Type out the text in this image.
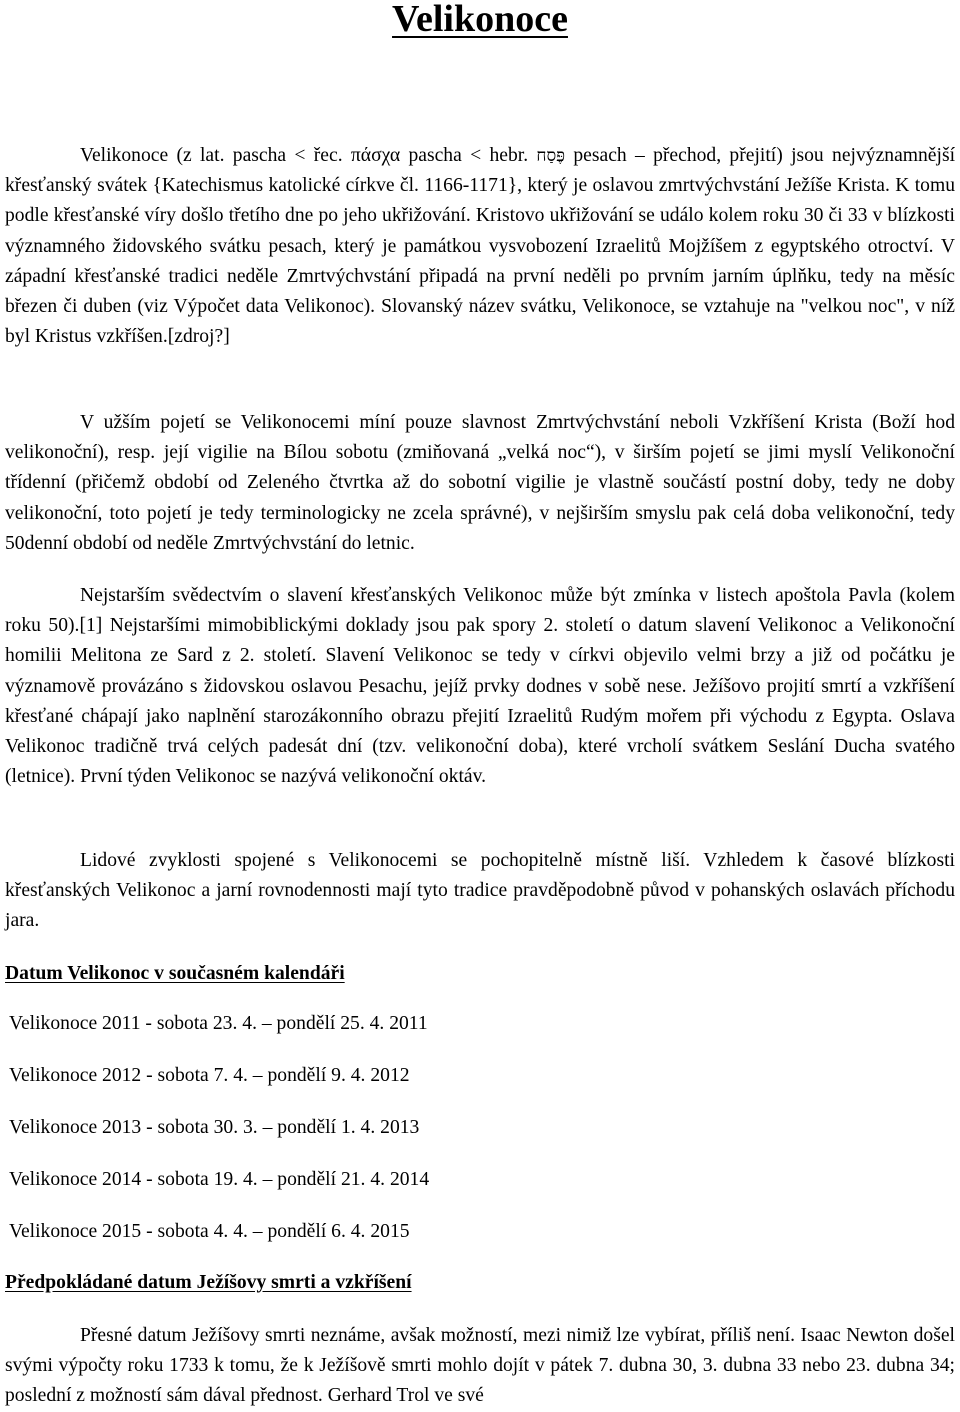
Velikonoce

Velikonoce (z lat. pascha < řec. πάσχα pascha < hebr. פֶּסַח pesach – přechod, přejití) jsou nejvýznamnější křesťanský svátek {Katechismus katolické církve čl. 1166-1171}, který je oslavou zmrtvýchvstání Ježíše Krista. K tomu podle křesťanské víry došlo třetího dne po jeho ukřižování. Kristovo ukřižování se událo kolem roku 30 či 33 v blízkosti významného židovského svátku pesach, který je památkou vysvobození Izraelitů Mojžíšem z egyptského otroctví. V západní křesťanské tradici neděle Zmrtvýchvstání připadá na první neděli po prvním jarním úplňku, tedy na měsíc březen či duben (viz Výpočet data Velikonoc). Slovanský název svátku, Velikonoce, se vztahuje na "velkou noc", v níž byl Kristus vzkříšen.[zdroj?]

V užším pojetí se Velikonocemi míní pouze slavnost Zmrtvýchvstání neboli Vzkříšení Krista (Boží hod velikonoční), resp. její vigilie na Bílou sobotu (zmiňovaná „velká noc“), v širším pojetí se jimi myslí Velikonoční třídenní (přičemž období od Zeleného čtvrtka až do sobotní vigilie je vlastně součástí postní doby, tedy ne doby velikonoční, toto pojetí je tedy terminologicky ne zcela správné), v nejširším smyslu pak celá doba velikonoční, tedy 50denní období od neděle Zmrtvýchvstání do letnic.

Nejstarším svědectvím o slavení křesťanských Velikonoc může být zmínka v listech apoštola Pavla (kolem roku 50).[1] Nejstaršími mimobiblickými doklady jsou pak spory 2. století o datum slavení Velikonoc a Velikonoční homilii Melitona ze Sard z 2. století. Slavení Velikonoc se tedy v církvi objevilo velmi brzy a již od počátku je významově provázáno s židovskou oslavou Pesachu, jejíž prvky dodnes v sobě nese. Ježíšovo projití smrtí a vzkříšení křesťané chápají jako naplnění starozákonního obrazu přejití Izraelitů Rudým mořem při východu z Egypta. Oslava Velikonoc tradičně trvá celých padesát dní (tzv. velikonoční doba), které vrcholí svátkem Seslání Ducha svatého (letnice). První týden Velikonoc se nazývá velikonoční oktáv.

Lidové zvyklosti spojené s Velikonocemi se pochopitelně místně liší. Vzhledem k časové blízkosti křesťanských Velikonoc a jarní rovnodennosti mají tyto tradice pravděpodobně původ v pohanských oslavách příchodu jara.

Datum Velikonoc v současném kalendáři
Velikonoce 2011 - sobota 23. 4. – pondělí 25. 4. 2011
Velikonoce 2012 - sobota 7. 4. – pondělí 9. 4. 2012
Velikonoce 2013 - sobota 30. 3. – pondělí 1. 4. 2013
Velikonoce 2014 - sobota 19. 4. – pondělí 21. 4. 2014
Velikonoce 2015 - sobota 4. 4. – pondělí 6. 4. 2015
Předpokládané datum Ježíšovy smrti a vzkříšení

Přesné datum Ježíšovy smrti neznáme, avšak možností, mezi nimiž lze vybírat, příliš není. Isaac Newton došel svými výpočty roku 1733 k tomu, že k Ježíšově smrti mohlo dojít v pátek 7. dubna 30, 3. dubna 33 nebo 23. dubna 34; poslední z možností sám dával přednost. Gerhard Trol ve své
